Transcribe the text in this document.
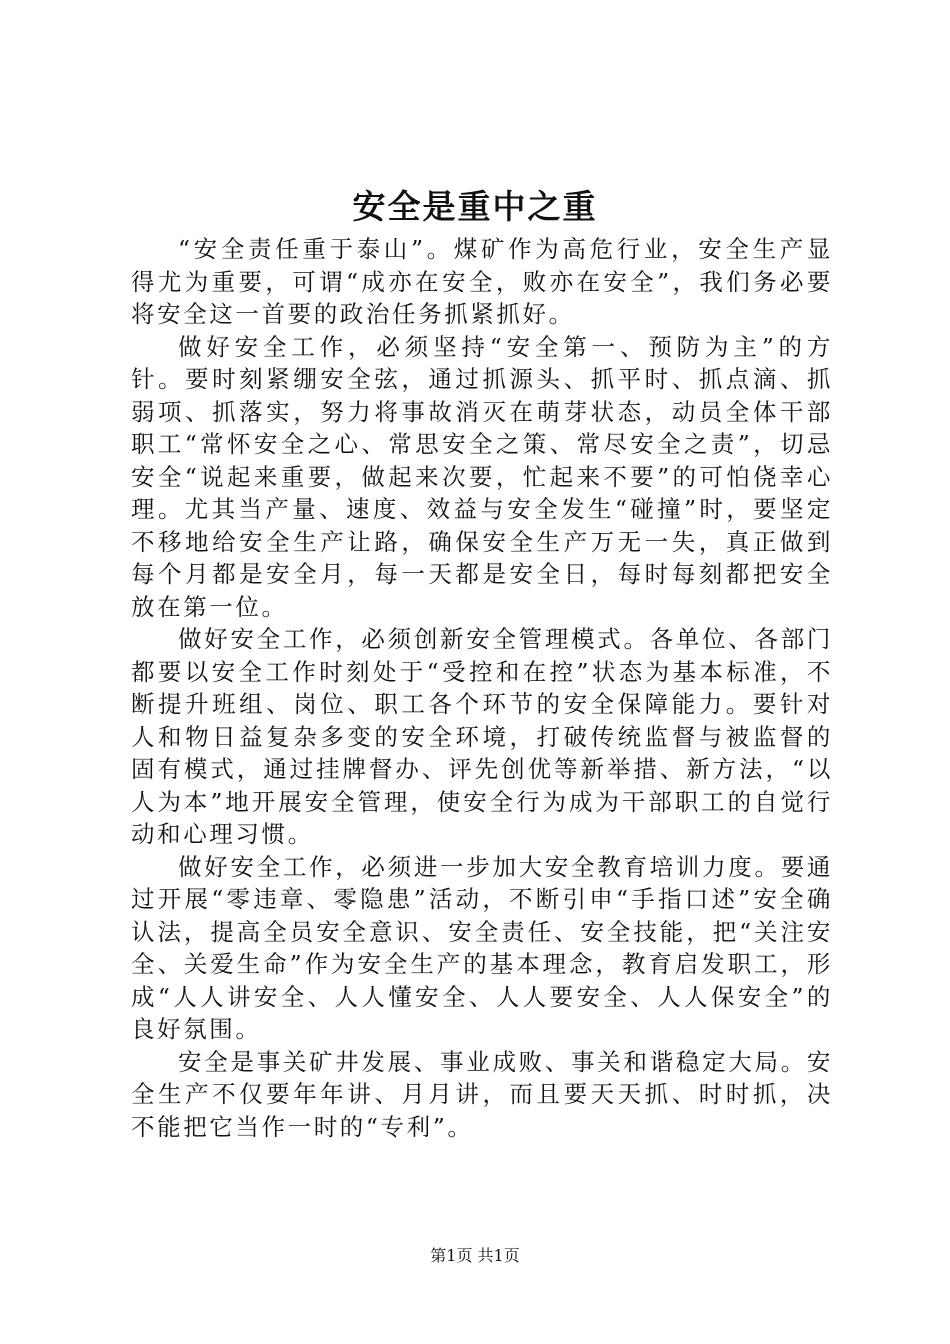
安全是重中之重

“安全责任重于泰山”。煤矿作为高危行业，安全生产显得尤为重要，可谓“成亦在安全，败亦在安全”，我们务必要将安全这一首要的政治任务抓紧抓好。

做好安全工作，必须坚持“安全第一、预防为主”的方针。要时刻紧绷安全弦，通过抓源头、抓平时、抓点滴、抓弱项、抓落实，努力将事故消灭在萌芽状态，动员全体干部职工“常怀安全之心、常思安全之策、常尽安全之责”，切忌安全“说起来重要，做起来次要，忙起来不要”的可怕侥幸心理。尤其当产量、速度、效益与安全发生“碰撞”时，要坚定不移地给安全生产让路，确保安全生产万无一失，真正做到每个月都是安全月，每一天都是安全日，每时每刻都把安全放在第一位。

做好安全工作，必须创新安全管理模式。各单位、各部门都要以安全工作时刻处于“受控和在控”状态为基本标准，不断提升班组、岗位、职工各个环节的安全保障能力。要针对人和物日益复杂多变的安全环境，打破传统监督与被监督的固有模式，通过挂牌督办、评先创优等新举措、新方法，“以人为本”地开展安全管理，使安全行为成为干部职工的自觉行动和心理习惯。

做好安全工作，必须进一步加大安全教育培训力度。要通过开展“零违章、零隐患”活动，不断引申“手指口述”安全确认法，提高全员安全意识、安全责任、安全技能，把“关注安全、关爱生命”作为安全生产的基本理念，教育启发职工，形成“人人讲安全、人人懂安全、人人要安全、人人保安全”的良好氛围。

安全是事关矿井发展、事业成败、事关和谐稳定大局。安全生产不仅要年年讲、月月讲，而且要天天抓、时时抓，决不能把它当作一时的“专利”。

第1页 共1页
